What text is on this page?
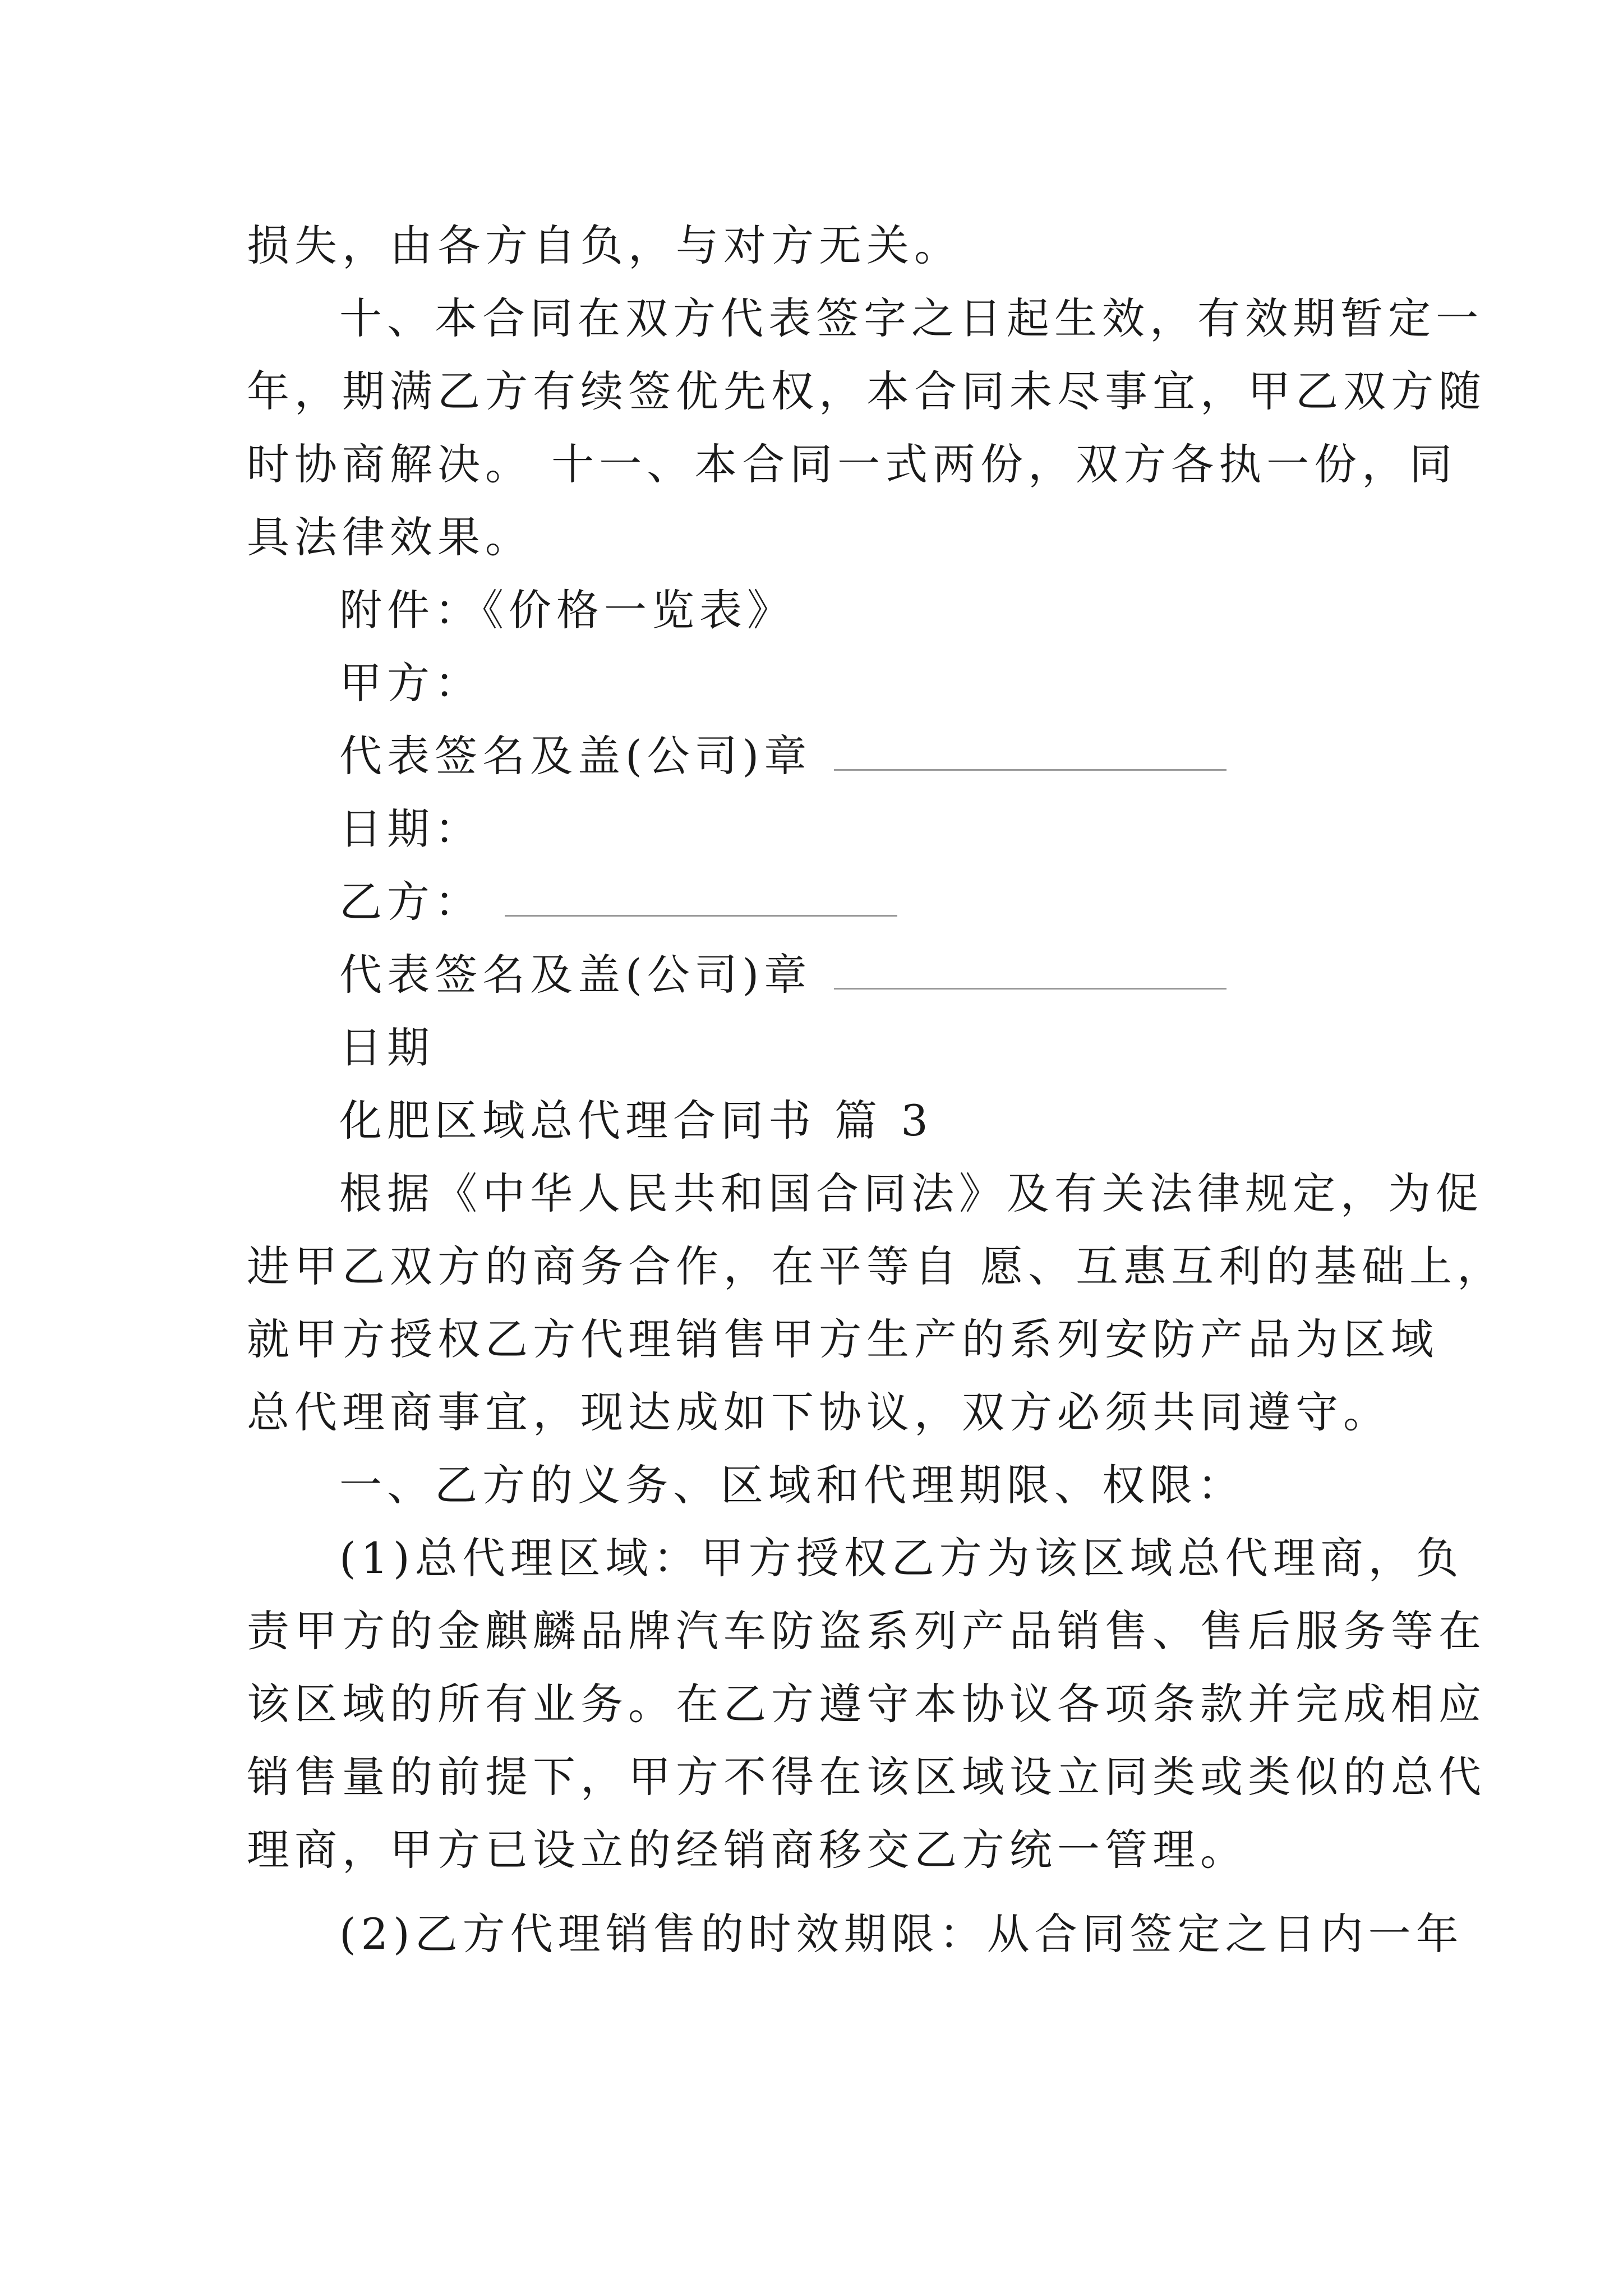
损失，由各方自负，与对方无关。
十、本合同在双方代表签字之日起生效，有效期暂定一
年，期满乙方有续签优先权，本合同未尽事宜，甲乙双方随
时协商解决。 十一、本合同一式两份，双方各执一份，同
具法律效果。
附件：《价格一览表》
甲方：
代表签名及盖(公司)章
日期：
乙方：
代表签名及盖(公司)章
日期
化肥区域总代理合同书 篇 3
根据《中华人民共和国合同法》及有关法律规定，为促
进甲乙双方的商务合作，在平等自 愿、互惠互利的基础上，
就甲方授权乙方代理销售甲方生产的系列安防产品为区域
总代理商事宜，现达成如下协议，双方必须共同遵守。
一、乙方的义务、区域和代理期限、权限：
(1)总代理区域：甲方授权乙方为该区域总代理商，负
责甲方的金麒麟品牌汽车防盗系列产品销售、售后服务等在
该区域的所有业务。在乙方遵守本协议各项条款并完成相应
销售量的前提下，甲方不得在该区域设立同类或类似的总代
理商，甲方已设立的经销商移交乙方统一管理。
(2)乙方代理销售的时效期限：从合同签定之日内一年
